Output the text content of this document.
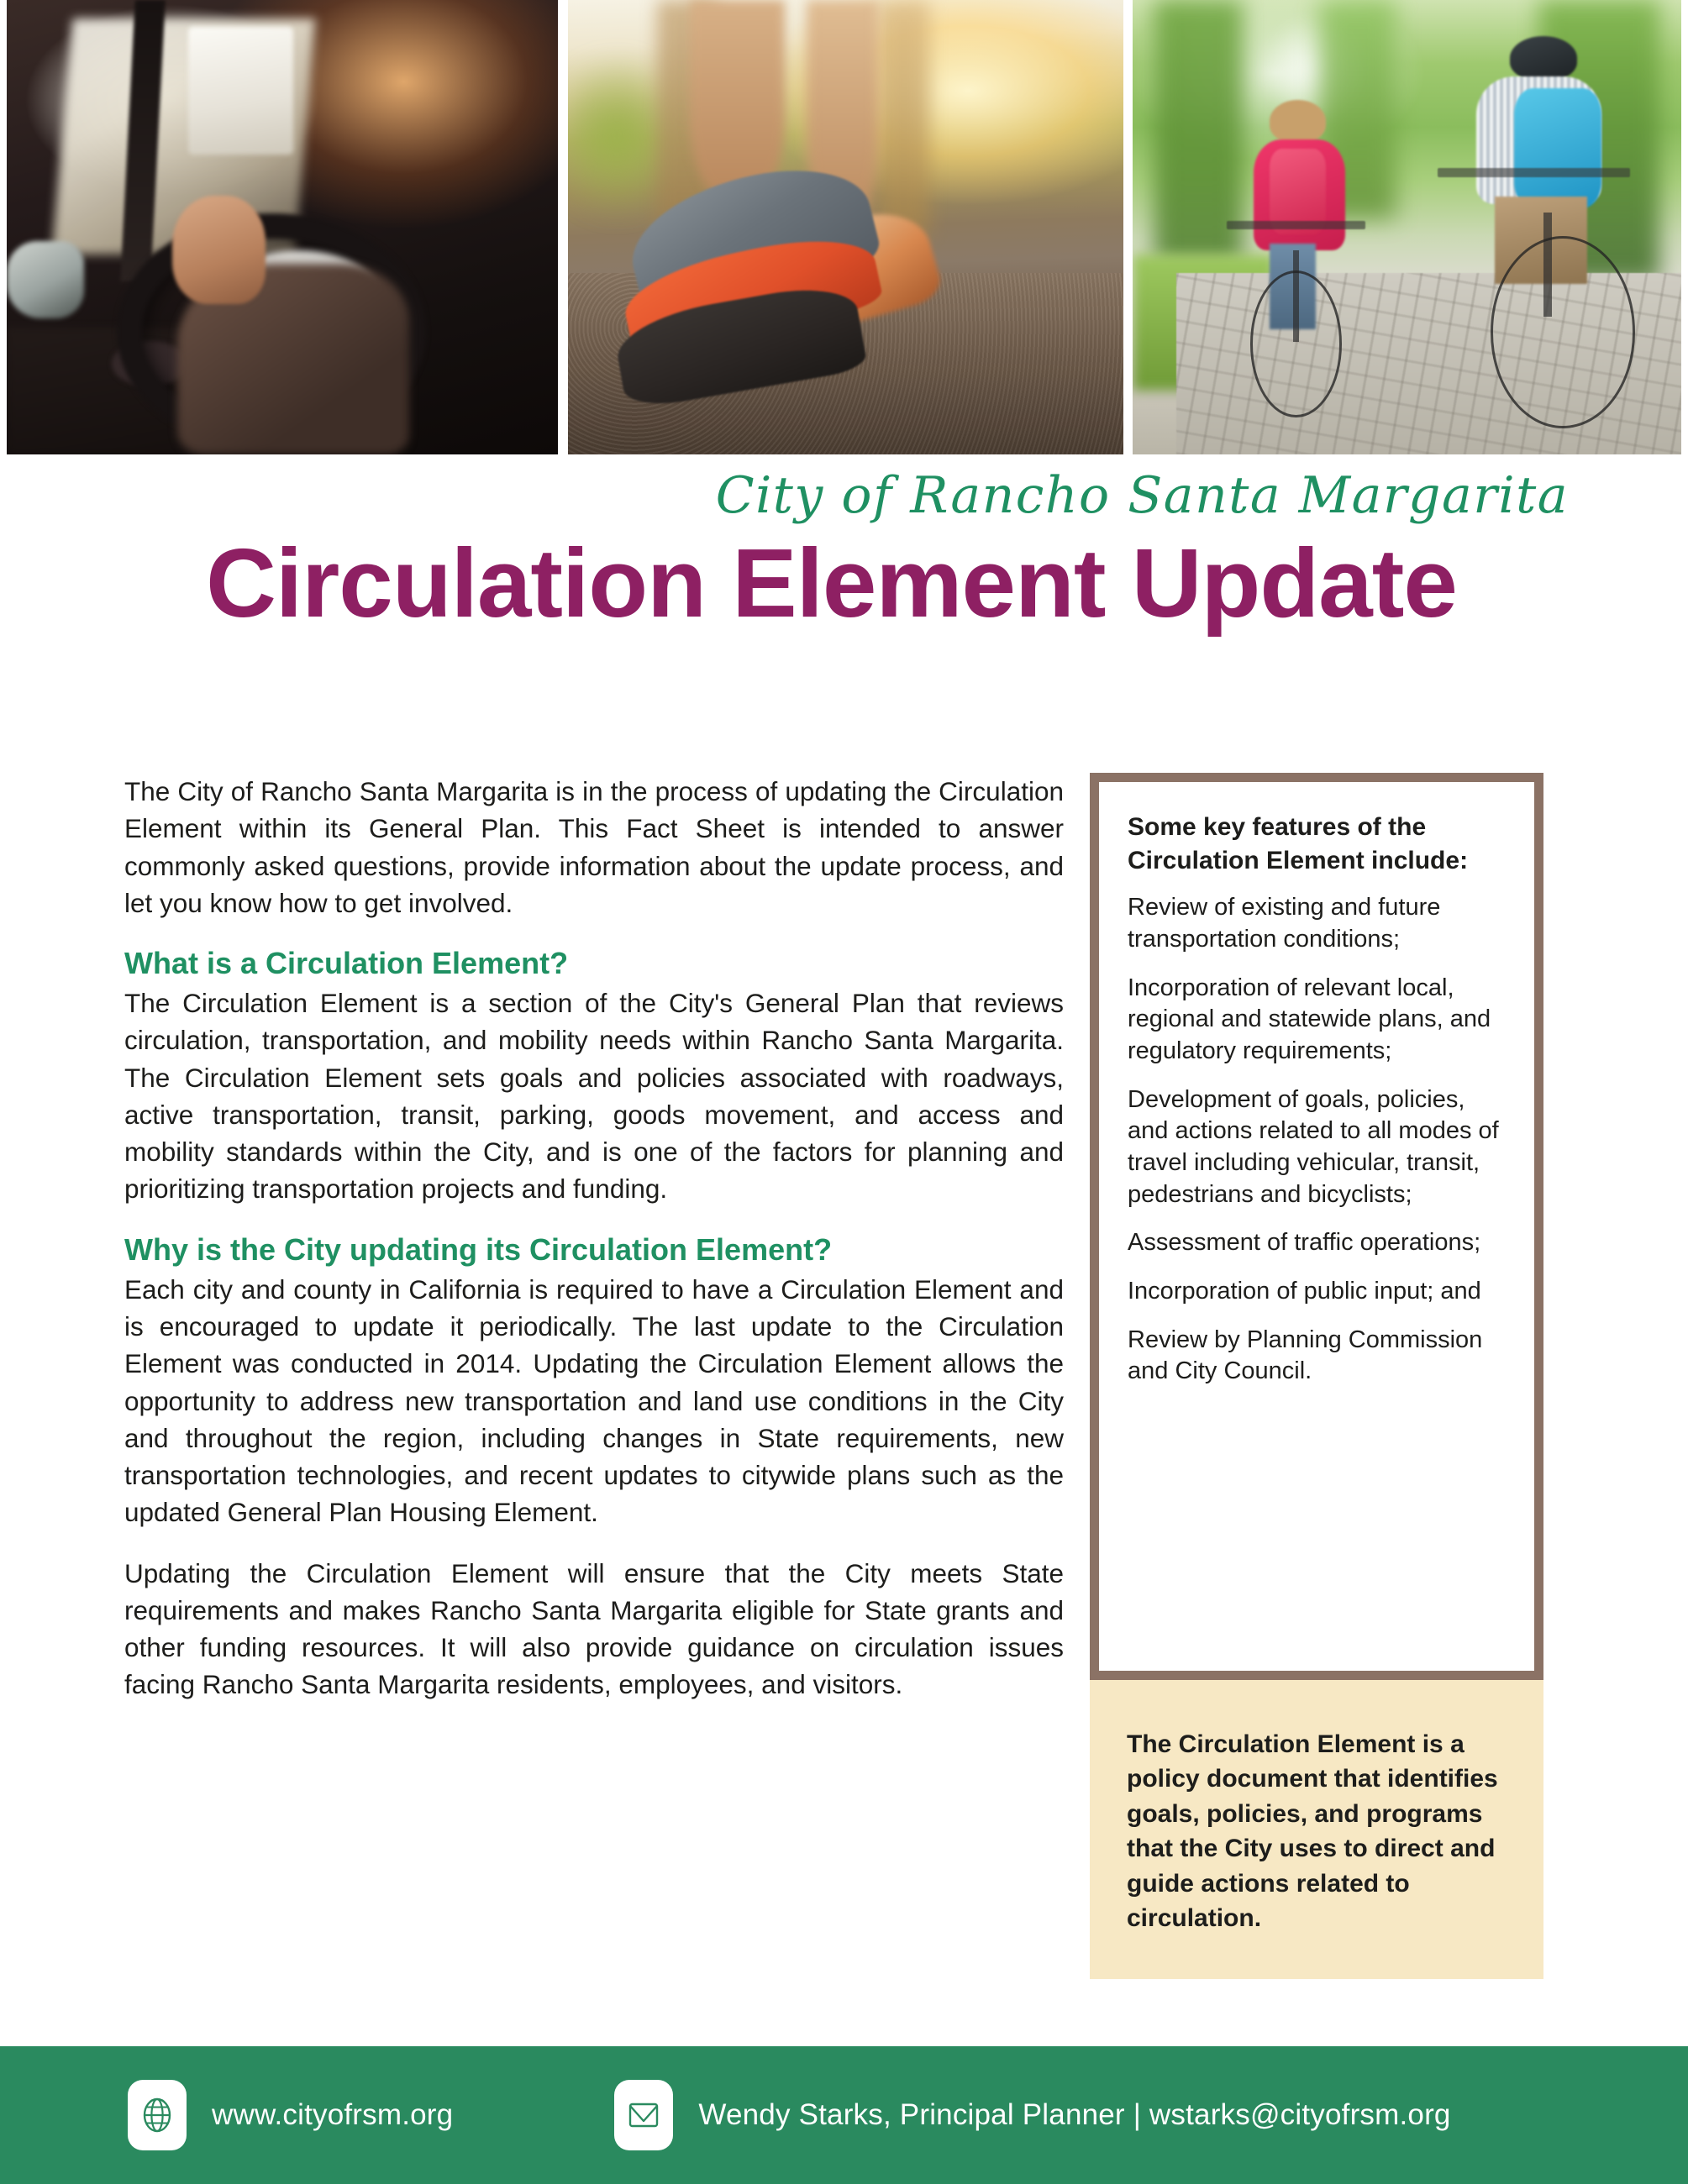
City of Rancho Santa Margarita
Circulation Element Update

The City of Rancho Santa Margarita is in the process of updating the Circulation Element within its General Plan. This Fact Sheet is intended to answer commonly asked questions, provide information about the update process, and let you know how to get involved.

What is a Circulation Element?

The Circulation Element is a section of the City's General Plan that reviews circulation, transportation, and mobility needs within Rancho Santa Margarita. The Circulation Element sets goals and policies associated with roadways, active transportation, transit, parking, goods movement, and access and mobility standards within the City, and is one of the factors for planning and prioritizing transportation projects and funding.

Why is the City updating its Circulation Element?

Each city and county in California is required to have a Circulation Element and is encouraged to update it periodically. The last update to the Circulation Element was conducted in 2014. Updating the Circulation Element allows the opportunity to address new transportation and land use conditions in the City and throughout the region, including changes in State requirements, new transportation technologies, and recent updates to citywide plans such as the updated General Plan Housing Element.

Updating the Circulation Element will ensure that the City meets State requirements and makes Rancho Santa Margarita eligible for State grants and other funding resources. It will also provide guidance on circulation issues facing Rancho Santa Margarita residents, employees, and visitors.

Some key features of the Circulation Element include:
Review of existing and future transportation conditions;
Incorporation of relevant local, regional and statewide plans, and regulatory requirements;
Development of goals, policies, and actions related to all modes of travel including vehicular, transit, pedestrians and bicyclists;
Assessment of traffic operations;
Incorporation of public input; and
Review by Planning Commission and City Council.
The Circulation Element is a policy document that identifies goals, policies, and programs that the City uses to direct and guide actions related to circulation.
www.cityofrsm.org	Wendy Starks, Principal Planner | wstarks@cityofrsm.org
